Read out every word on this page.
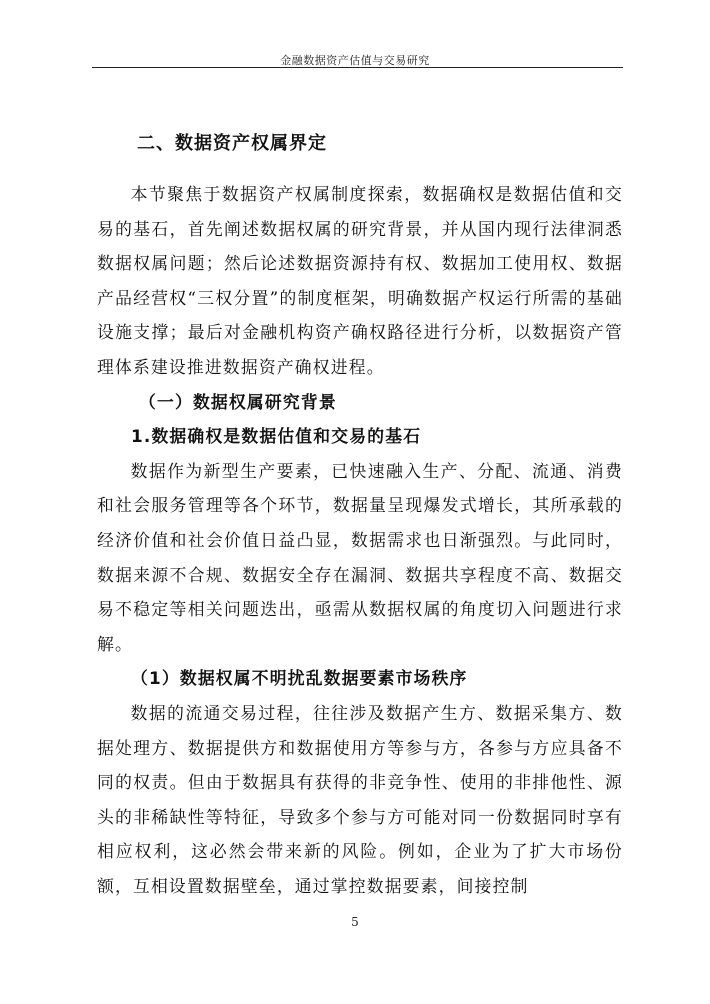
金融数据资产估值与交易研究
二、数据资产权属界定

本节聚焦于数据资产权属制度探索，数据确权是数据估值和交易的基石，首先阐述数据权属的研究背景，并从国内现行法律洞悉数据权属问题；然后论述数据资源持有权、数据加工使用权、数据产品经营权“三权分置”的制度框架，明确数据产权运行所需的基础设施支撑；最后对金融机构资产确权路径进行分析，以数据资产管理体系建设推进数据资产确权进程。

（一）数据权属研究背景
1.数据确权是数据估值和交易的基石

数据作为新型生产要素，已快速融入生产、分配、流通、消费和社会服务管理等各个环节，数据量呈现爆发式增长，其所承载的经济价值和社会价值日益凸显，数据需求也日渐强烈。与此同时，数据来源不合规、数据安全存在漏洞、数据共享程度不高、数据交易不稳定等相关问题迭出，亟需从数据权属的角度切入问题进行求解。

（1）数据权属不明扰乱数据要素市场秩序

数据的流通交易过程，往往涉及数据产生方、数据采集方、数据处理方、数据提供方和数据使用方等参与方，各参与方应具备不同的权责。但由于数据具有获得的非竞争性、使用的非排他性、源头的非稀缺性等特征，导致多个参与方可能对同一份数据同时享有相应权利，这必然会带来新的风险。例如，企业为了扩大市场份额，互相设置数据壁垒，通过掌控数据要素，间接控制

5
